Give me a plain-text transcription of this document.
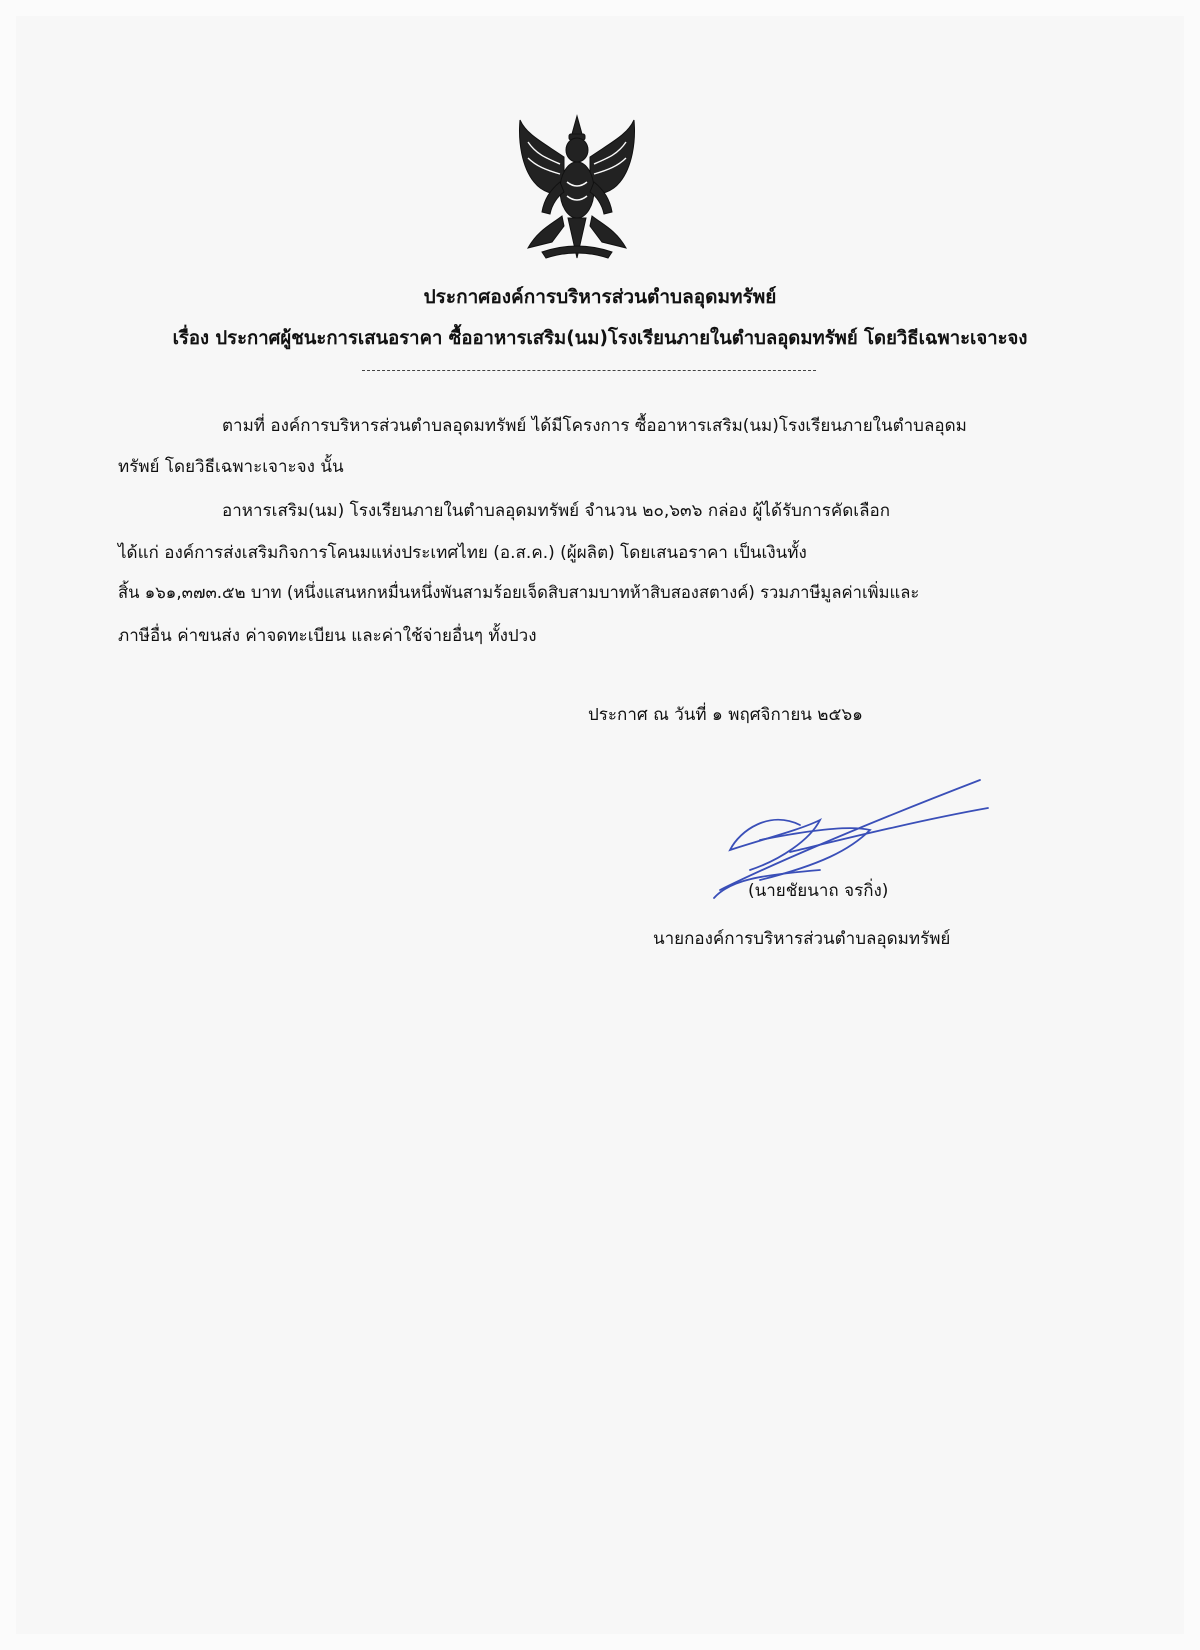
ประกาศองค์การบริหารส่วนตำบลอุดมทรัพย์
เรื่อง ประกาศผู้ชนะการเสนอราคา ซื้ออาหารเสริม(นม)โรงเรียนภายในตำบลอุดมทรัพย์ โดยวิธีเฉพาะเจาะจง
ตามที่ องค์การบริหารส่วนตำบลอุดมทรัพย์ ได้มีโครงการ ซื้ออาหารเสริม(นม)โรงเรียนภายในตำบลอุดม
ทรัพย์ โดยวิธีเฉพาะเจาะจง นั้น
อาหารเสริม(นม) โรงเรียนภายในตำบลอุดมทรัพย์ จำนวน ๒๐,๖๓๖ กล่อง ผู้ได้รับการคัดเลือก
ได้แก่ องค์การส่งเสริมกิจการโคนมแห่งประเทศไทย (อ.ส.ค.) (ผู้ผลิต) โดยเสนอราคา เป็นเงินทั้ง
สิ้น ๑๖๑,๓๗๓.๕๒ บาท (หนึ่งแสนหกหมื่นหนึ่งพันสามร้อยเจ็ดสิบสามบาทห้าสิบสองสตางค์) รวมภาษีมูลค่าเพิ่มและ
ภาษีอื่น ค่าขนส่ง ค่าจดทะเบียน และค่าใช้จ่ายอื่นๆ ทั้งปวง
ประกาศ ณ วันที่ ๑ พฤศจิกายน ๒๕๖๑
(นายชัยนาถ จรกิ่ง)
นายกองค์การบริหารส่วนตำบลอุดมทรัพย์
